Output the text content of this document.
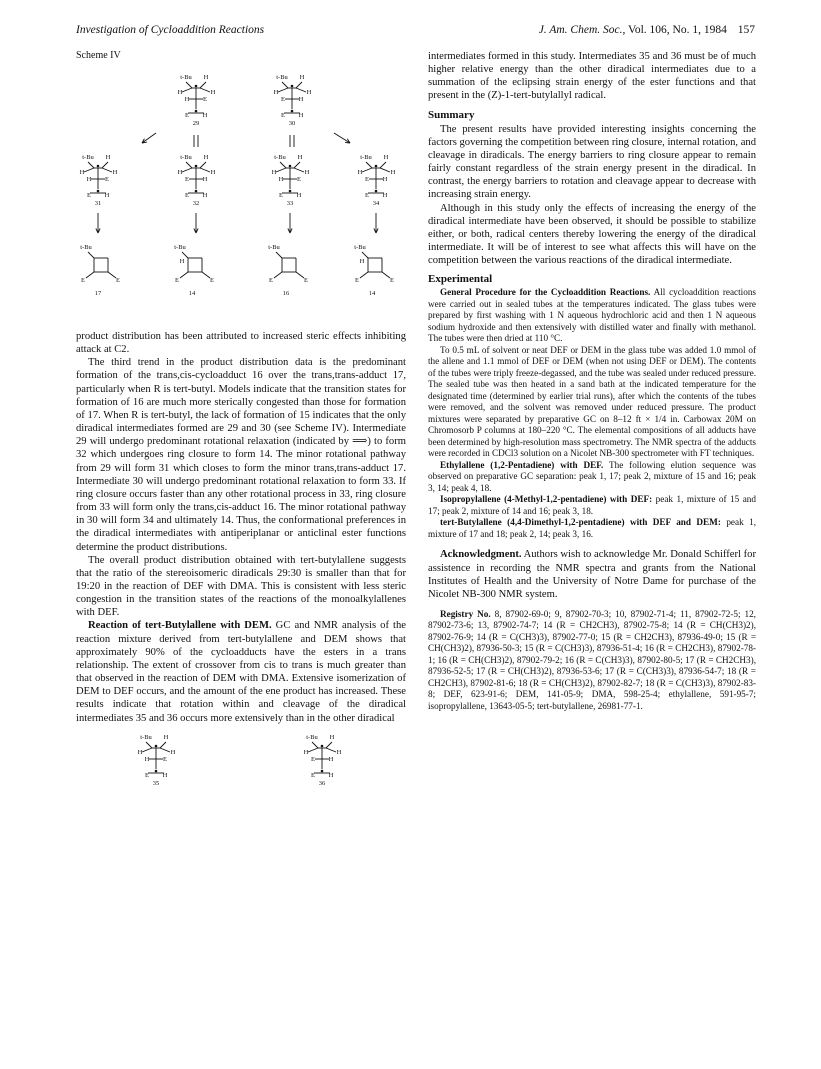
Investigation of Cycloaddition Reactions	J. Am. Chem. Soc., Vol. 106, No. 1, 1984 157
Scheme IV
t-Bu H
H	H
H E
E H
29
t-Bu H
H	H
E H
E H
30
t-Bu H
H	H
H E
E H
31
t-Bu H
H	H
E H
E H
32
t-Bu H
H	H
H E
E H
33
t-Bu H
H	H
E H
E H
34
t-Bu
E	E
17
t-Bu
H
E	E
14
t-Bu
E	E
16
t-Bu
H
E	E
14

product distribution has been attributed to increased steric effects inhibiting attack at C2.

The third trend in the product distribution data is the predominant formation of the trans,cis-cycloadduct 16 over the trans,trans-adduct 17, particularly when R is tert-butyl. Models indicate that the transition states for formation of 16 are much more sterically congested than those for formation of 17. When R is tert-butyl, the lack of formation of 15 indicates that the only diradical intermediates formed are 29 and 30 (see Scheme IV). Intermediate 29 will undergo predominant rotational relaxation (indicated by ⟹) to form 32 which undergoes ring closure to form 14. The minor rotational pathway from 29 will form 31 which closes to form the minor trans,trans-adduct 17. Intermediate 30 will undergo predominant rotational relaxation to form 33. If ring closure occurs faster than any other rotational process in 33, ring closure from 33 will form only the trans,cis-adduct 16. The minor rotational pathway in 30 will form 34 and ultimately 14. Thus, the conformational preferences in the diradical intermediates with antiperiplanar or anticlinal ester functions determine the product distributions.

The overall product distribution obtained with tert-butylallene suggests that the ratio of the stereoisomeric diradicals 29:30 is smaller than that for 19:20 in the reaction of DEF with DMA. This is consistent with less steric congestion in the transition states of the reactions of the monoalkylallenes with DEF.

Reaction of tert-Butylallene with DEM. GC and NMR analysis of the reaction mixture derived from tert-butylallene and DEM shows that approximately 90% of the cycloadducts have the esters in a trans relationship. The extent of crossover from cis to trans is much greater than that observed in the reaction of DEM with DMA. Extensive isomerization of DEM to DEF occurs, and the amount of the ene product has increased. These results indicate that rotation within and cleavage of the diradical intermediates 35 and 36 occurs more extensively than in the other diradical

t-Bu H
H	H
H E
E H
35
t-Bu H
H	H
E H
E H
36

intermediates formed in this study. Intermediates 35 and 36 must be of much higher relative energy than the other diradical intermediates due to a summation of the eclipsing strain energy of the ester functions and that present in the (Z)-1-tert-butylallyl radical.

Summary

The present results have provided interesting insights concerning the factors governing the competition between ring closure, internal rotation, and cleavage in diradicals. The energy barriers to ring closure appear to remain fairly constant regardless of the strain energy present in the diradical. In contrast, the energy barriers to rotation and cleavage appear to decrease with increasing strain energy.

Although in this study only the effects of increasing the energy of the diradical intermediate have been observed, it should be possible to stabilize either, or both, radical centers thereby lowering the energy of the diradical intermediate. It will be of interest to see what affects this will have on the competition between the various reactions of the diradical intermediate.

Experimental

General Procedure for the Cycloaddition Reactions. All cycloaddition reactions were carried out in sealed tubes at the temperatures indicated. The glass tubes were prepared by first washing with 1 N aqueous hydrochloric acid and then 1 N aqueous sodium hydroxide and then extensively with distilled water and finally with methanol. The tubes were then dried at 110 °C.

To 0.5 mL of solvent or neat DEF or DEM in the glass tube was added 1.0 mmol of the allene and 1.1 mmol of DEF or DEM (when not using DEF or DEM). The contents of the tubes were triply freeze-degassed, and the tube was sealed under reduced pressure. The sealed tube was then heated in a sand bath at the indicated temperature for the designated time (determined by earlier trial runs), after which the contents of the tubes were removed, and the solvent was removed under reduced pressure. The product mixtures were separated by preparative GC on 8–12 ft × 1/4 in. Carbowax 20M on Chromosorb P columns at 180–220 °C. The elemental compositions of all adducts have been determined by high-resolution mass spectrometry. The NMR spectra of the adducts were recorded in CDCl3 solution on a Nicolet NB-300 spectrometer with FT techniques.

Ethylallene (1,2-Pentadiene) with DEF. The following elution sequence was observed on preparative GC separation: peak 1, 17; peak 2, mixture of 15 and 16; peak 3, 14; peak 4, 18.

Isopropylallene (4-Methyl-1,2-pentadiene) with DEF: peak 1, mixture of 15 and 17; peak 2, mixture of 14 and 16; peak 3, 18.

tert-Butylallene (4,4-Dimethyl-1,2-pentadiene) with DEF and DEM: peak 1, mixture of 17 and 18; peak 2, 14; peak 3, 16.

Acknowledgment. Authors wish to acknowledge Mr. Donald Schifferl for assistence in recording the NMR spectra and grants from the National Institutes of Health and the University of Notre Dame for purchase of the Nicolet NB-300 NMR system.

Registry No. 8, 87902-69-0; 9, 87902-70-3; 10, 87902-71-4; 11, 87902-72-5; 12, 87902-73-6; 13, 87902-74-7; 14 (R = CH2CH3), 87902-75-8; 14 (R = CH(CH3)2), 87902-76-9; 14 (R = C(CH3)3), 87902-77-0; 15 (R = CH2CH3), 87936-49-0; 15 (R = CH(CH3)2), 87936-50-3; 15 (R = C(CH3)3), 87936-51-4; 16 (R = CH2CH3), 87902-78-1; 16 (R = CH(CH3)2), 87902-79-2; 16 (R = C(CH3)3), 87902-80-5; 17 (R = CH2CH3), 87936-52-5; 17 (R = CH(CH3)2), 87936-53-6; 17 (R = C(CH3)3), 87936-54-7; 18 (R = CH2CH3), 87902-81-6; 18 (R = CH(CH3)2), 87902-82-7; 18 (R = C(CH3)3), 87902-83-8; DEF, 623-91-6; DEM, 141-05-9; DMA, 598-25-4; ethylallene, 591-95-7; isopropylallene, 13643-05-5; tert-butylallene, 26981-77-1.
